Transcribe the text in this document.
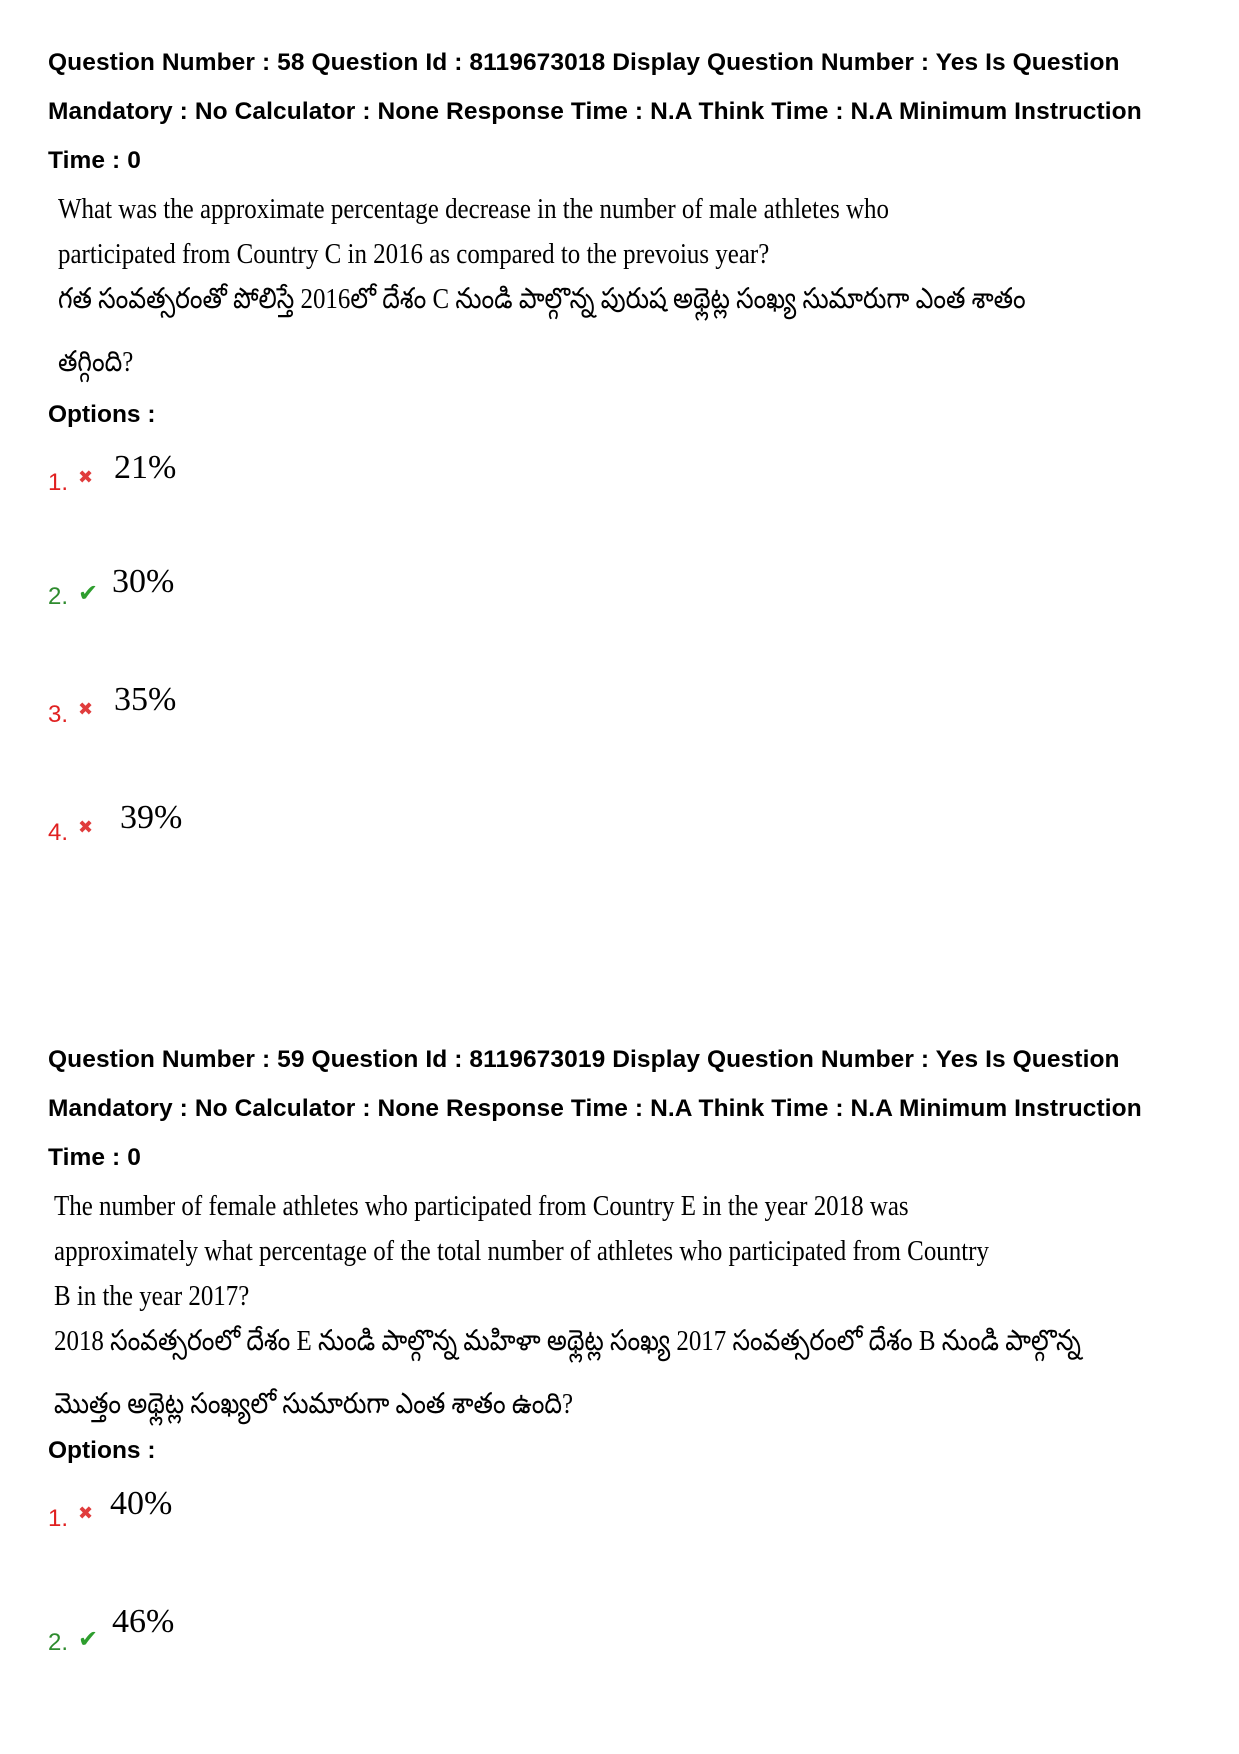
Question Number : 58 Question Id : 8119673018 Display Question Number : Yes Is Question
Mandatory : No Calculator : None Response Time : N.A Think Time : N.A Minimum Instruction
Time : 0
What was the approximate percentage decrease in the number of male athletes who
participated from Country C in 2016 as compared to the prevoius year?
గత సంవత్సరంతో పోలిస్తే 2016లో దేశం C నుండి పాల్గొన్న పురుష అథ్లెట్ల సంఖ్య సుమారుగా ఎంత శాతం
తగ్గింది?
Options :
1. ✖ 21%
2. ✔ 30%
3. ✖ 35%
4. ✖ 39%
Question Number : 59 Question Id : 8119673019 Display Question Number : Yes Is Question
Mandatory : No Calculator : None Response Time : N.A Think Time : N.A Minimum Instruction
Time : 0
The number of female athletes who participated from Country E in the year 2018 was
approximately what percentage of the total number of athletes who participated from Country
B in the year 2017?
2018 సంవత్సరంలో దేశం E నుండి పాల్గొన్న మహిళా అథ్లెట్ల సంఖ్య 2017 సంవత్సరంలో దేశం B నుండి పాల్గొన్న
మొత్తం అథ్లెట్ల సంఖ్యలో సుమారుగా ఎంత శాతం ఉంది?
Options :
1. ✖ 40%
2. ✔ 46%
